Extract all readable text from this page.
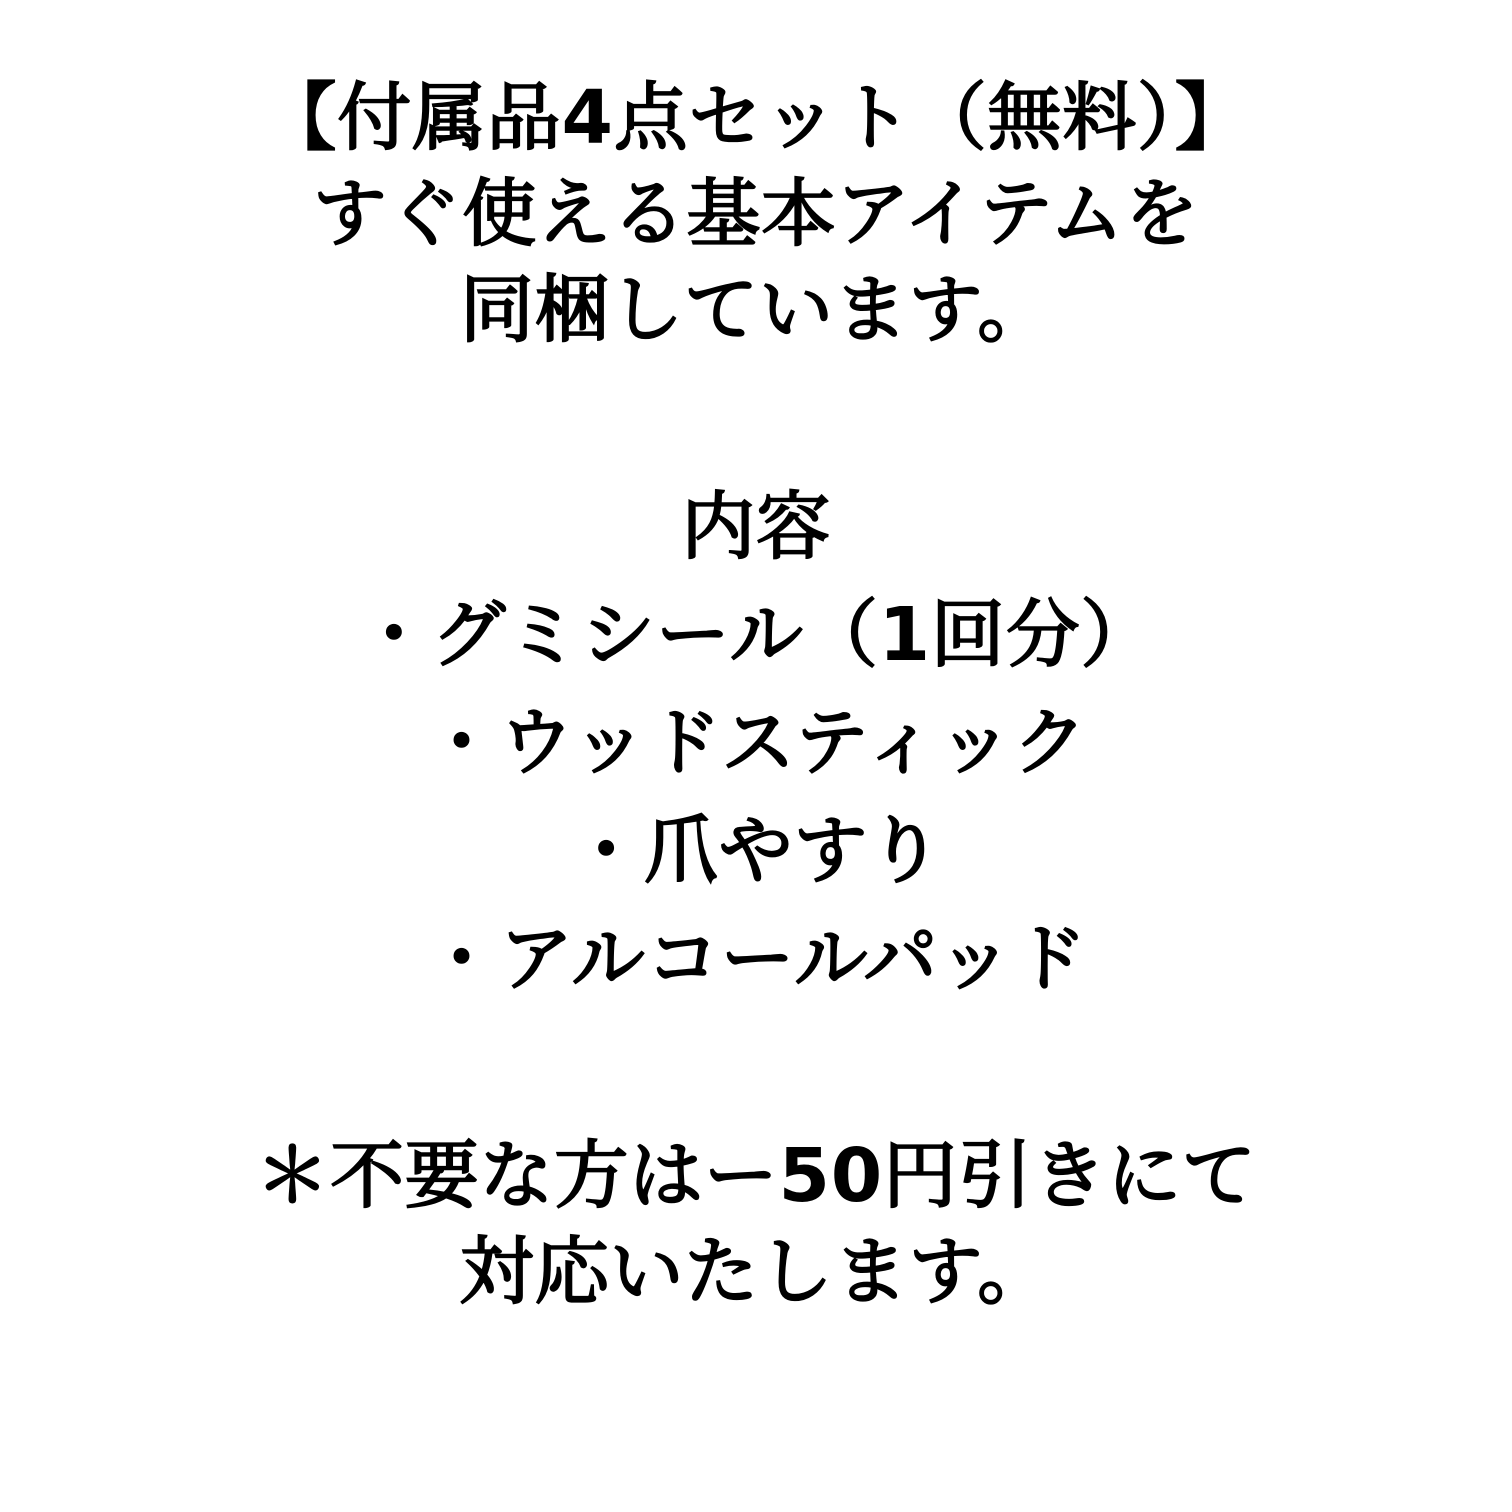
【付属品4点セット（無料）】
すぐ使える基本アイテムを
同梱しています。
内容
・グミシール（1回分）
・ウッドスティック
・爪やすり
・アルコールパッド
＊不要な方はー50円引きにて
対応いたします。
